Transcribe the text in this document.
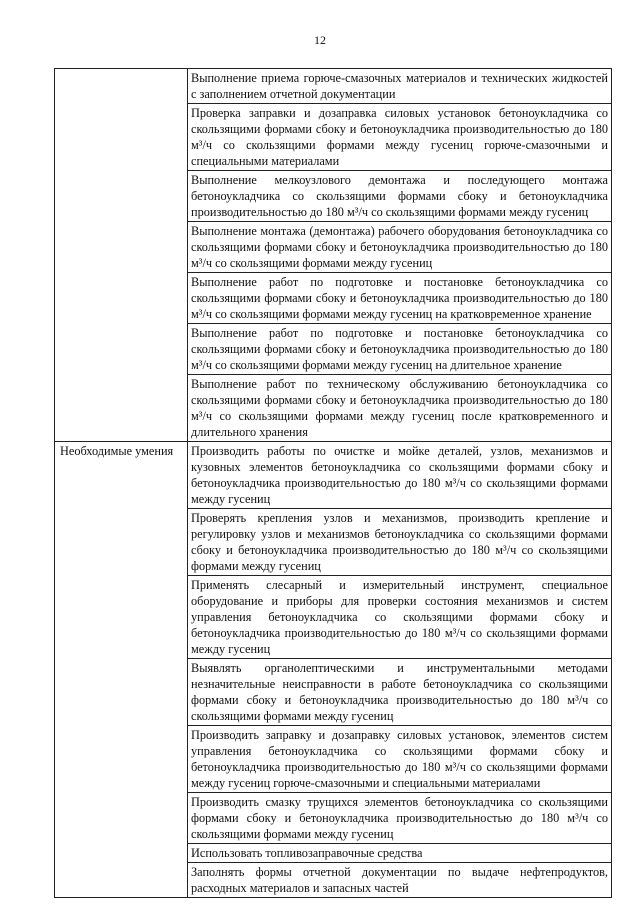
12

	Выполнение приема горюче-смазочных материалов и технических жидкостей с заполнением отчетной документации

	Проверка заправки и дозаправка силовых установок бетоноукладчика со скользящими формами сбоку и бетоноукладчика производительностью до 180 м³/ч со скользящими формами между гусениц горюче-смазочными и специальными материалами

	Выполнение мелкоузлового демонтажа и последующего монтажа бетоноукладчика со скользящими формами сбоку и бетоноукладчика производительностью до 180 м³/ч со скользящими формами между гусениц

	Выполнение монтажа (демонтажа) рабочего оборудования бетоноукладчика со скользящими формами сбоку и бетоноукладчика производительностью до 180 м³/ч со скользящими формами между гусениц

	Выполнение работ по подготовке и постановке бетоноукладчика со скользящими формами сбоку и бетоноукладчика производительностью до 180 м³/ч со скользящими формами между гусениц на кратковременное хранение

	Выполнение работ по подготовке и постановке бетоноукладчика со скользящими формами сбоку и бетоноукладчика производительностью до 180 м³/ч со скользящими формами между гусениц на длительное хранение

	Выполнение работ по техническому обслуживанию бетоноукладчика со скользящими формами сбоку и бетоноукладчика производительностью до 180 м³/ч со скользящими формами между гусениц после кратковременного и длительного хранения

Необходимые умения	Производить работы по очистке и мойке деталей, узлов, механизмов и кузовных элементов бетоноукладчика со скользящими формами сбоку и бетоноукладчика производительностью до 180 м³/ч со скользящими формами между гусениц

	Проверять крепления узлов и механизмов, производить крепление и регулировку узлов и механизмов бетоноукладчика со скользящими формами сбоку и бетоноукладчика производительностью до 180 м³/ч со скользящими формами между гусениц

	Применять слесарный и измерительный инструмент, специальное оборудование и приборы для проверки состояния механизмов и систем управления бетоноукладчика со скользящими формами сбоку и бетоноукладчика производительностью до 180 м³/ч со скользящими формами между гусениц

	Выявлять органолептическими и инструментальными методами незначительные неисправности в работе бетоноукладчика со скользящими формами сбоку и бетоноукладчика производительностью до 180 м³/ч со скользящими формами между гусениц

	Производить заправку и дозаправку силовых установок, элементов систем управления бетоноукладчика со скользящими формами сбоку и бетоноукладчика производительностью до 180 м³/ч со скользящими формами между гусениц горюче-смазочными и специальными материалами

	Производить смазку трущихся элементов бетоноукладчика со скользящими формами сбоку и бетоноукладчика производительностью до 180 м³/ч со скользящими формами между гусениц

	Использовать топливозаправочные средства

	Заполнять формы отчетной документации по выдаче нефтепродуктов, расходных материалов и запасных частей
